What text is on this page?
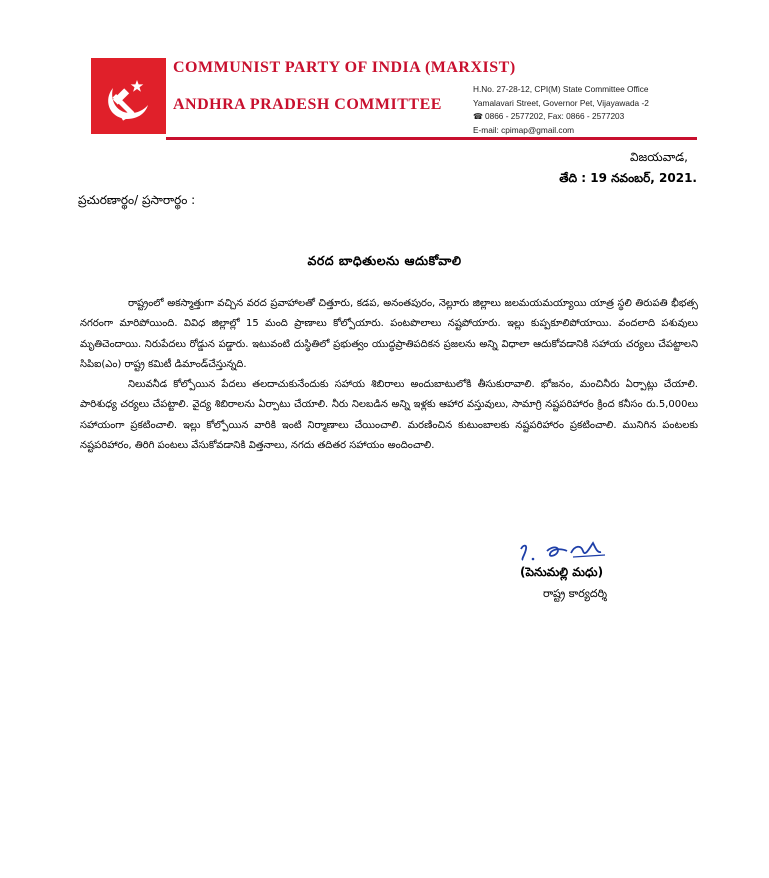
COMMUNIST PARTY OF INDIA (MARXIST)
ANDHRA PRADESH COMMITTEE
H.No. 27-28-12, CPI(M) State Committee Office
Yamalavari Street, Governor Pet, Vijayawada -2
☎ 0866 - 2577202, Fax: 0866 - 2577203
E-mail: cpimap@gmail.com
విజయవాడ,
తేది : 19 నవంబర్, 2021.
ప్రచురణార్థం/ ప్రసారార్థం :
వరద బాధితులను ఆదుకోవాలి

రాష్ట్రంలో అకస్మాత్తుగా వచ్చిన వరద ప్రవాహాలతో చిత్తూరు, కడప, అనంతపురం, నెల్లూరు జిల్లాలు జలమయమయ్యాయి యాత్ర స్థలి తిరుపతి భీభత్స నగరంగా మారిపోయింది. వివిధ జిల్లాల్లో 15 మంది ప్రాణాలు కోల్పోయారు. పంటపొలాలు నష్టపోయారు. ఇల్లు కుప్పకూలిపోయాయి. వందలాది పశువులు మృతిచెందాయి. నిరుపేదలు రోడ్డున పడ్డారు. ఇటువంటి దుస్థితిలో ప్రభుత్వం యుద్ధప్రాతిపదికన ప్రజలను అన్ని విధాలా ఆదుకోవడానికి సహాయ చర్యలు చేపట్టాలని సిపిఐ(ఎం) రాష్ట్ర కమిటీ డిమాండ్‌చేస్తున్నది.

నిలువనీడ కోల్పోయిన పేదలు తలదాచుకునేందుకు సహాయ శిబిరాలు అందుబాటులోకి తీసుకురావాలి. భోజనం, మంచినీరు ఏర్పాట్లు చేయాలి. పారిశుధ్య చర్యలు చేపట్టాలి. వైద్య శిబిరాలను ఏర్పాటు చేయాలి. నీరు నిలబడిన అన్ని ఇళ్లకు ఆహార వస్తువులు, సామాగ్రి నష్టపరిహారం క్రింద కనీసం రు.5,000లు సహాయంగా ప్రకటించాలి. ఇల్లు కోల్పోయిన వారికి ఇంటి నిర్మాణాలు చేయించాలి. మరణించిన కుటుంబాలకు నష్టపరిహారం ప్రకటించాలి. మునిగిన పంటలకు నష్టపరిహారం, తిరిగి పంటలు వేసుకోవడానికి విత్తనాలు, నగదు తదితర సహాయం అందించాలి.

(పెనుమల్లి మధు)
రాష్ట్ర కార్యదర్శి
